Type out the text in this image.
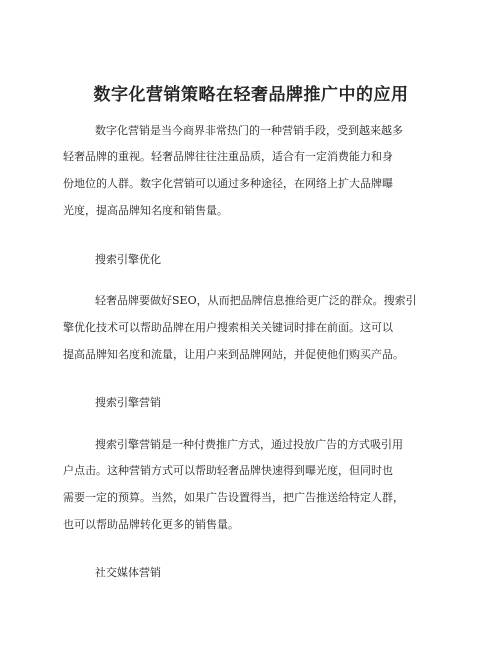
数字化营销策略在轻奢品牌推广中的应用
数字化营销是当今商界非常热门的一种营销手段，受到越来越多
轻奢品牌的重视。轻奢品牌往往注重品质，适合有一定消费能力和身
份地位的人群。数字化营销可以通过多种途径，在网络上扩大品牌曝
光度，提高品牌知名度和销售量。
搜索引擎优化
轻奢品牌要做好SEO，从而把品牌信息推给更广泛的群众。搜索引
擎优化技术可以帮助品牌在用户搜索相关关键词时排在前面。这可以
提高品牌知名度和流量，让用户来到品牌网站，并促使他们购买产品。
搜索引擎营销
搜索引擎营销是一种付费推广方式，通过投放广告的方式吸引用
户点击。这种营销方式可以帮助轻奢品牌快速得到曝光度，但同时也
需要一定的预算。当然，如果广告设置得当，把广告推送给特定人群，
也可以帮助品牌转化更多的销售量。
社交媒体营销
